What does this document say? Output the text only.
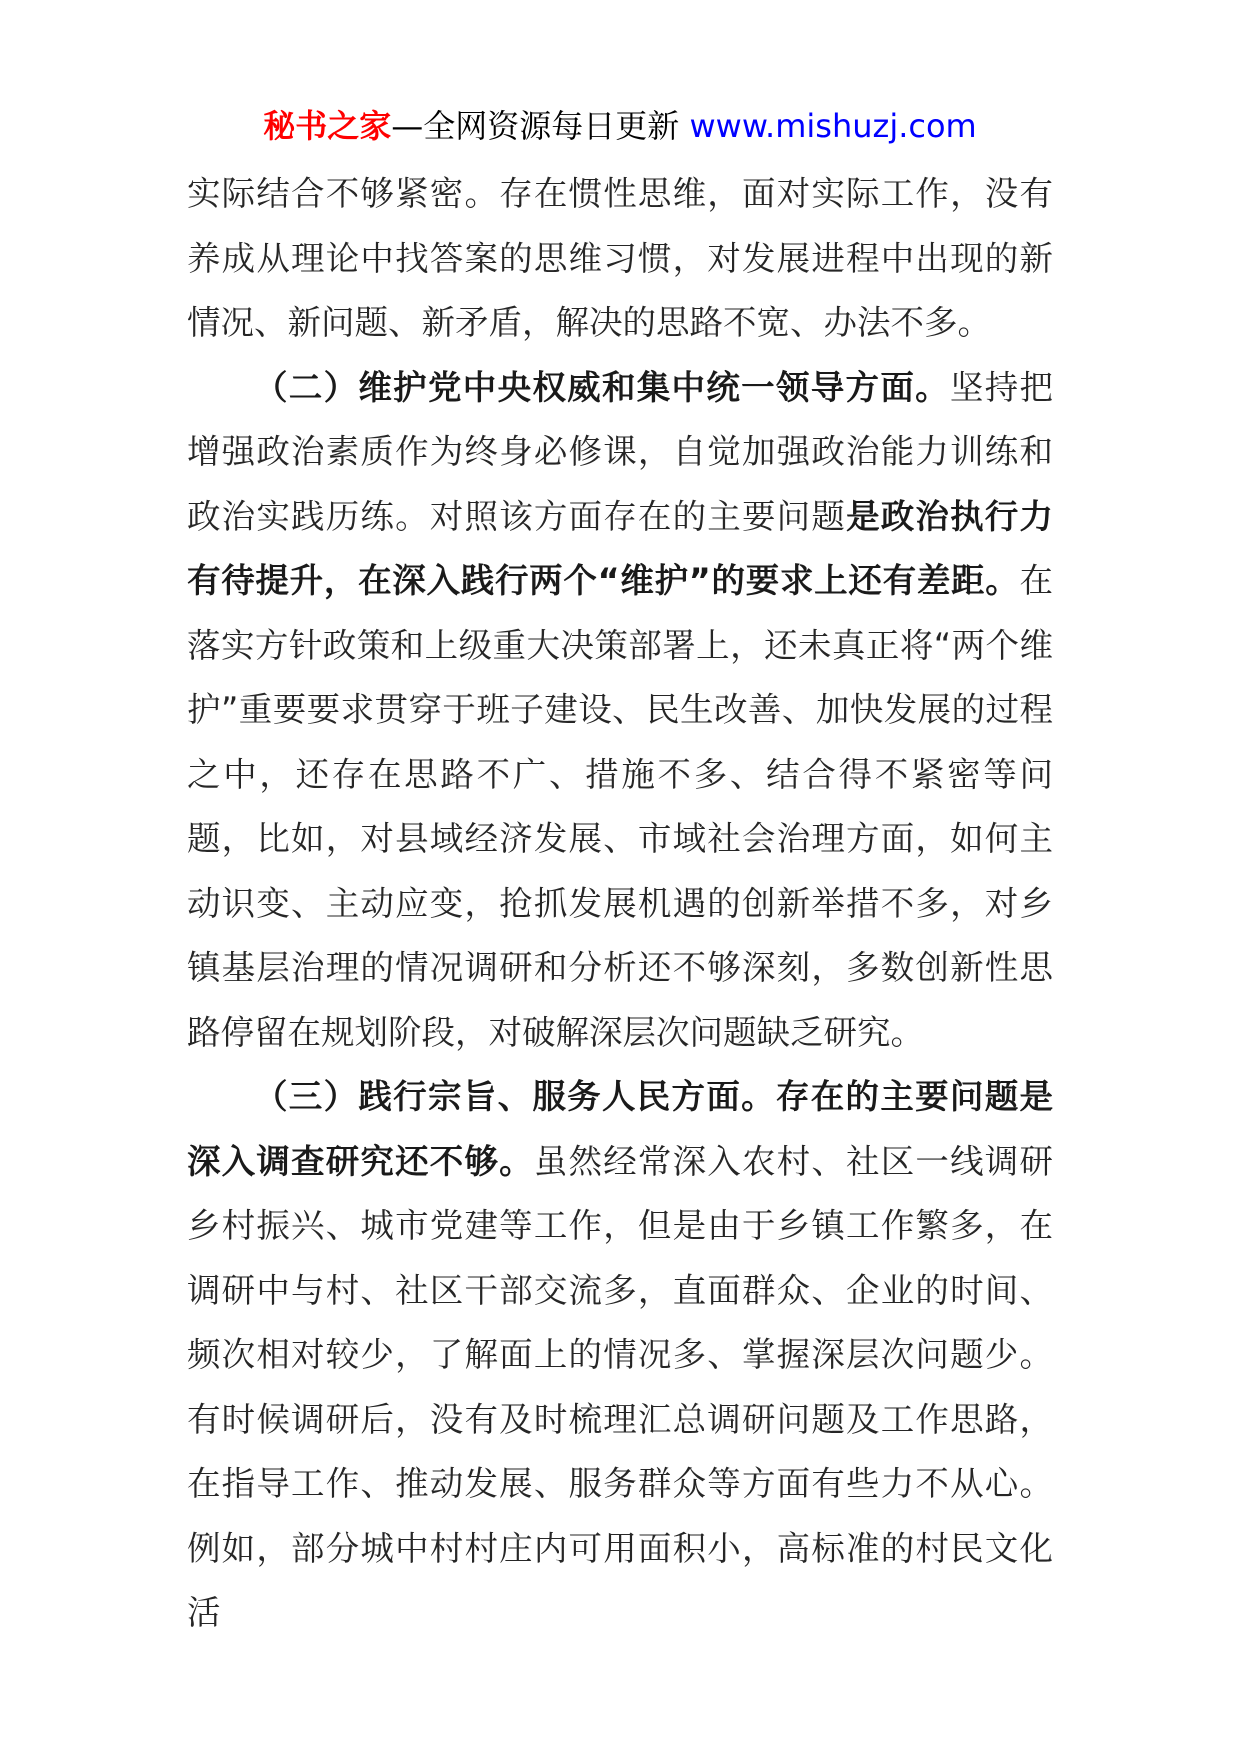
秘书之家—全网资源每日更新 www.mishuzj.com

实际结合不够紧密。存在惯性思维，面对实际工作，没有养成从理论中找答案的思维习惯，对发展进程中出现的新情况、新问题、新矛盾，解决的思路不宽、办法不多。

（二）维护党中央权威和集中统一领导方面。坚持把增强政治素质作为终身必修课，自觉加强政治能力训练和政治实践历练。对照该方面存在的主要问题是政治执行力有待提升，在深入践行两个“维护”的要求上还有差距。在落实方针政策和上级重大决策部署上，还未真正将“两个维护”重要要求贯穿于班子建设、民生改善、加快发展的过程之中，还存在思路不广、措施不多、结合得不紧密等问题，比如，对县域经济发展、市域社会治理方面，如何主动识变、主动应变，抢抓发展机遇的创新举措不多，对乡镇基层治理的情况调研和分析还不够深刻，多数创新性思路停留在规划阶段，对破解深层次问题缺乏研究。

（三）践行宗旨、服务人民方面。存在的主要问题是深入调查研究还不够。虽然经常深入农村、社区一线调研乡村振兴、城市党建等工作，但是由于乡镇工作繁多，在调研中与村、社区干部交流多，直面群众、企业的时间、频次相对较少，了解面上的情况多、掌握深层次问题少。有时候调研后，没有及时梳理汇总调研问题及工作思路，在指导工作、推动发展、服务群众等方面有些力不从心。例如，部分城中村村庄内可用面积小，高标准的村民文化活
